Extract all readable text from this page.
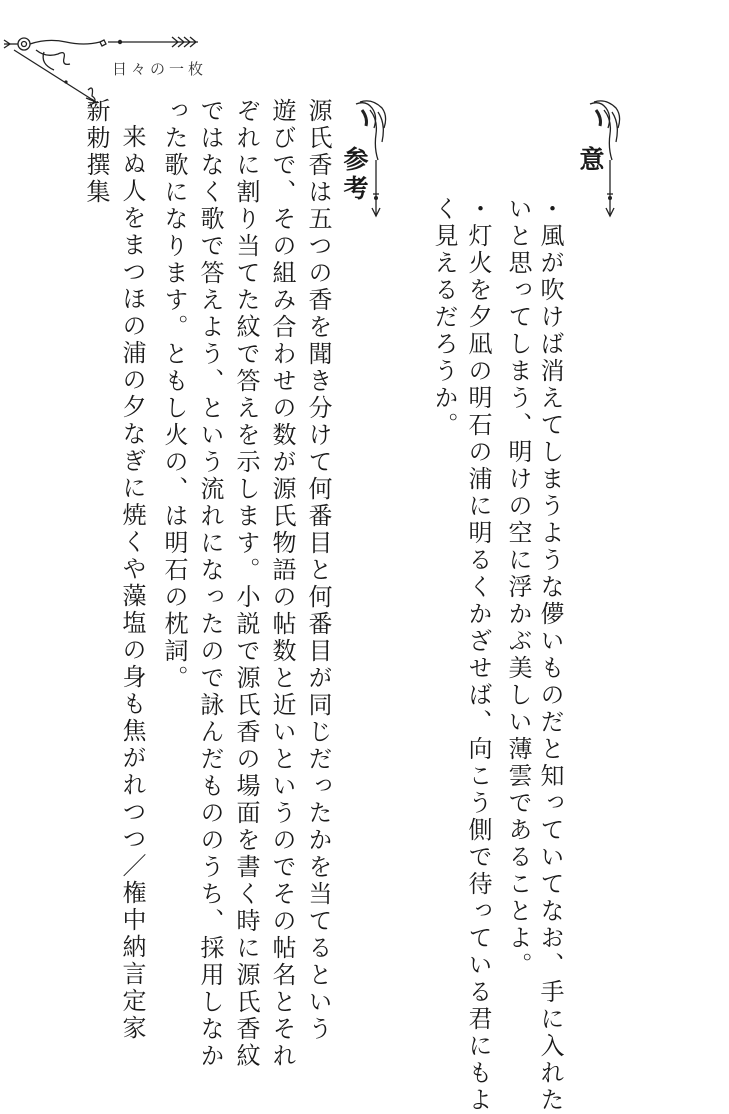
日々の一枚
意
・風が吹けば消えてしまうような儚いものだと知っていてなお、手に入れた
いと思ってしまう、明けの空に浮かぶ美しい薄雲であることよ。
・灯火を夕凪の明石の浦に明るくかざせば、向こう側で待っている君にもよ
く見えるだろうか。
参考
源氏香は五つの香を聞き分けて何番目と何番目が同じだったかを当てるという
遊びで、その組み合わせの数が源氏物語の帖数と近いというのでその帖名とそれ
ぞれに割り当てた紋で答えを示します。小説で源氏香の場面を書く時に源氏香紋
ではなく歌で答えよう、という流れになったので詠んだもののうち、採用しなか
った歌になります。ともし火の、は明石の枕詞。
来ぬ人をまつほの浦の夕なぎに焼くや藻塩の身も焦がれつつ／権中納言定家
新勅撰集
